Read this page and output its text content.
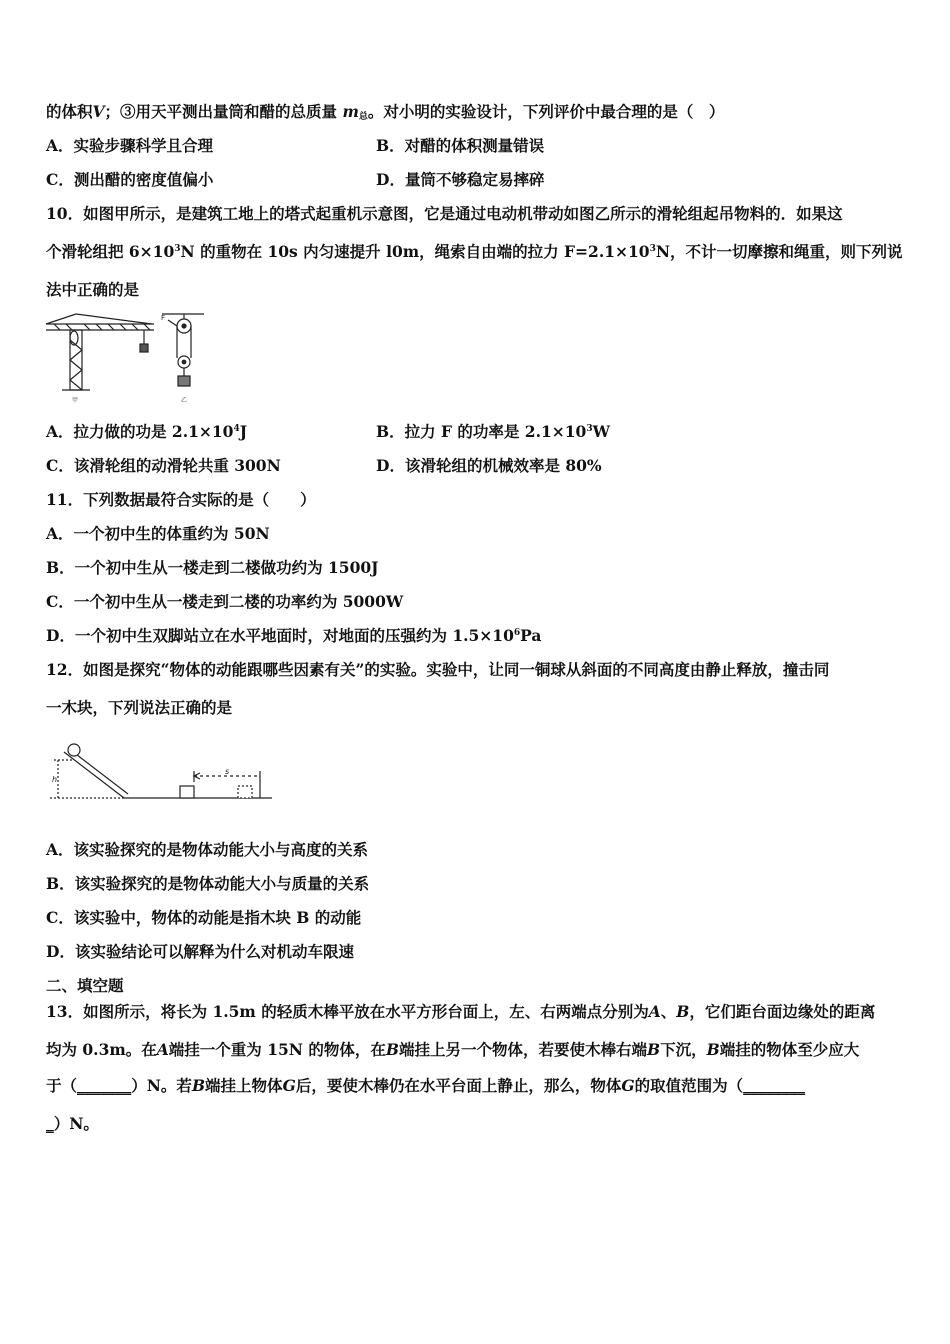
的体积V；③用天平测出量筒和醋的总质量 $m_总$。对小明的实验设计，下列评价中最合理的是（　）
A．实验步骤科学且合理	B．对醋的体积测量错误
C．测出醋的密度值偏小	D．量筒不够稳定易摔碎
10．如图甲所示，是建筑工地上的塔式起重机示意图，它是通过电动机带动如图乙所示的滑轮组起吊物料的．如果这
个滑轮组把 $6\times 10^3N$ 的重物在 10s 内匀速提升 l0m，绳索自由端的拉力 $F=2.1\times 10^3N$，不计一切摩擦和绳重，则下列说
法中正确的是
F
甲	乙
A．拉力做的功是 $2.1\times 10^4J$	B．拉力 F 的功率是 $2.1\times 10^3W$
C．该滑轮组的动滑轮共重 300N	D．该滑轮组的机械效率是 80%
11．下列数据最符合实际的是（　　）
A．一个初中生的体重约为 50N
B．一个初中生从一楼走到二楼做功约为 1500J
C．一个初中生从一楼走到二楼的功率约为 5000W
D．一个初中生双脚站立在水平地面时，对地面的压强约为 $1.5\times 10^6Pa$
12．如图是探究“物体的动能跟哪些因素有关”的实验。实验中，让同一铜球从斜面的不同高度由静止释放，撞击同
一木块，下列说法正确的是
h
s
A．该实验探究的是物体动能大小与高度的关系
B．该实验探究的是物体动能大小与质量的关系
C．该实验中，物体的动能是指木块 B 的动能
D．该实验结论可以解释为什么对机动车限速
二、填空题
13．如图所示，将长为 1.5m 的轻质木棒平放在水平方形台面上，左、右两端点分别为A、B，它们距台面边缘处的距离
均为 0.3m。在A端挂一个重为 15N 的物体，在B端挂上另一个物体，若要使木棒右端B下沉，B端挂的物体至少应大
于（_______）N。若B端挂上物体G后，要使木棒仍在水平台面上静止，那么，物体G的取值范围为（________
_）N。
